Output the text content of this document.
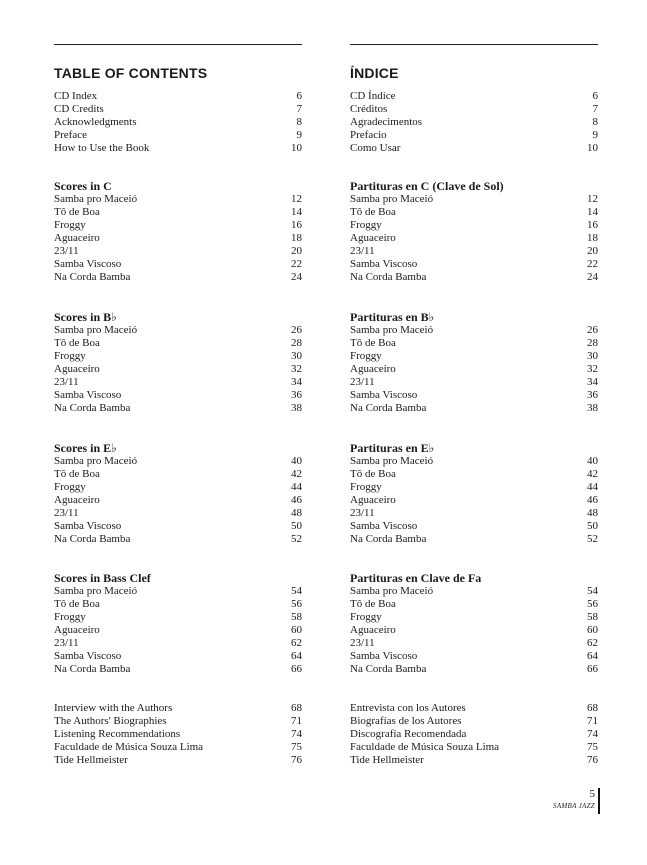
TABLE OF CONTENTS
CD Index	6
CD Credits	7
Acknowledgments	8
Preface	9
How to Use the Book	10
Scores in C
Samba pro Maceió	12
Tô de Boa	14
Froggy	16
Aguaceiro	18
23/11	20
Samba Viscoso	22
Na Corda Bamba	24
Scores in B♭
Samba pro Maceió	26
Tô de Boa	28
Froggy	30
Aguaceiro	32
23/11	34
Samba Viscoso	36
Na Corda Bamba	38
Scores in E♭
Samba pro Maceió	40
Tô de Boa	42
Froggy	44
Aguaceiro	46
23/11	48
Samba Viscoso	50
Na Corda Bamba	52
Scores in Bass Clef
Samba pro Maceió	54
Tô de Boa	56
Froggy	58
Aguaceiro	60
23/11	62
Samba Viscoso	64
Na Corda Bamba	66
Interview with the Authors	68
The Authors' Biographies	71
Listening Recommendations	74
Faculdade de Música Souza Lima	75
Tide Hellmeister	76
ÍNDICE
CD Índice	6
Créditos	7
Agradecimentos	8
Prefacio	9
Como Usar	10
Partituras en C (Clave de Sol)
Samba pro Maceió	12
Tô de Boa	14
Froggy	16
Aguaceiro	18
23/11	20
Samba Viscoso	22
Na Corda Bamba	24
Partituras en B♭
Samba pro Maceió	26
Tô de Boa	28
Froggy	30
Aguaceiro	32
23/11	34
Samba Viscoso	36
Na Corda Bamba	38
Partituras en E♭
Samba pro Maceió	40
Tô de Boa	42
Froggy	44
Aguaceiro	46
23/11	48
Samba Viscoso	50
Na Corda Bamba	52
Partituras en Clave de Fa
Samba pro Maceió	54
Tô de Boa	56
Froggy	58
Aguaceiro	60
23/11	62
Samba Viscoso	64
Na Corda Bamba	66
Entrevista con los Autores	68
Biografías de los Autores	71
Discografía Recomendada	74
Faculdade de Música Souza Lima	75
Tide Hellmeister	76
5
SAMBA JAZZ
